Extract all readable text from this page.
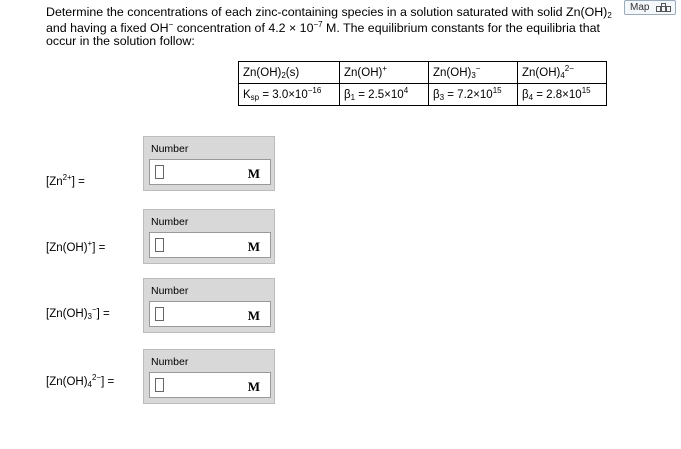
Determine the concentrations of each zinc-containing species in a solution saturated with solid $Zn(OH)_2$
and having a fixed OH− concentration of $4.2 \times 10^{-7}$ M. The equilibrium constants for the equilibria that
occur in the solution follow:
Map
$Zn(OH)_2(s)$	Zn(OH)+	$Zn(OH)_3^-$	$Zn(OH)_4^{2-}$
$K_{sp} = 3.0\times 10^{-16}$	$\beta_1 = 2.5\times 10^4$	$\beta_3 = 7.2\times 10^{15}$	$\beta_4 = 2.8\times 10^{15}$
$[Zn^{2+}]$ =
Number
M
[Zn(OH)+] =
Number
M
$[Zn(OH)_3^-]$ =
Number
M
$[Zn(OH)_4^{2-}]$ =
Number
M
